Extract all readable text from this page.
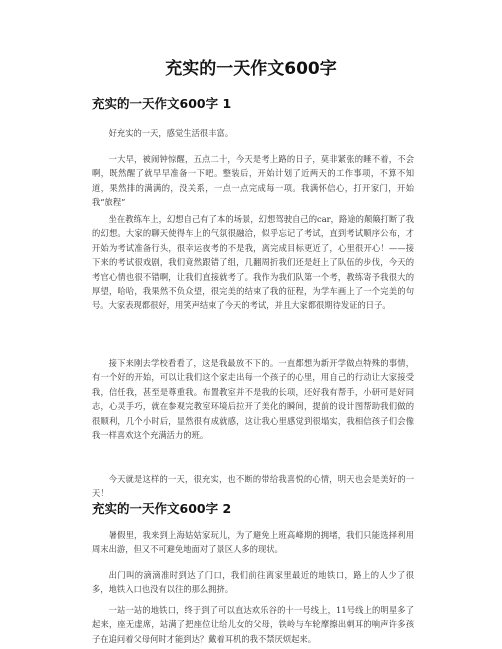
充实的一天作文600字
充实的一天作文600字 1

好充实的一天，感觉生活很丰富。

一大早，被闹钟惊醒，五点二十，今天是考上路的日子，莫非紧张的睡不着，不会啊，既然醒了就早早准备一下吧。整装后，开始计划了近两天的工作事项，不算不知道，果然排的满满的，没关系，一点一点完成每一项。我满怀信心，打开家门，开始我“旅程”

坐在教练车上，幻想自己有了本的场景，幻想驾驶自己的car，路途的颠簸打断了我的幻想。大家的聊天使得车上的气氛很融洽，似乎忘记了考试，直到考试顺序公布，才开始为考试准备行头，很幸运夜考的不是我，离完成目标更近了，心里很开心！——接下来的考试很戏剧，我们竟然跟错了组，几翻周折我们还是赶上了队伍的步伐，今天的考官心情也很不错啊，让我们直接就考了。我作为我们队第一个考，教练寄予我很大的厚望，哈哈，我果然不负众望，很完美的结束了我的征程，为学车画上了一个完美的句号。大家表现都很好，用笑声结束了今天的考试，并且大家都很期待发证的日子。

接下来刚去学校看看了，这是我最放不下的。一直都想为新开学做点特殊的事情，有一个好的开始，可以让我们这个家走出每一个孩子的心里，用自己的行动让大家接受我，信任我，甚至是尊重我。布置教室并不是我的长项，还好我有帮手，小研可是好同志，心灵手巧，就在参观完教室环境后拉开了美化的瞬间，提前的设计图帮助我们做的很顺利，几个小时后，显然很有成就感，这让我心里感觉到很塌实，我相信孩子们会像我一样喜欢这个充满活力的班。

今天就是这样的一天，很充实，也不断的带给我喜悦的心情，明天也会是美好的一天！

充实的一天作文600字 2

暑假里，我来到上海姑姑家玩儿，为了避免上班高峰期的拥堵，我们只能选择利用周末出游，但又不可避免地面对了景区人多的现状。

出门叫的滴滴准时到达了门口，我们前往离家里最近的地铁口，路上的人少了很多，地铁入口也没有以往的那么拥挤。

一站一站的地铁口，终于到了可以直达欢乐谷的十一号线上，11号线上的明星多了起来，座无虚席，站满了把座位让给儿女的父母，铁岭与车轮摩擦出刺耳的响声许多孩子在追问着父母何时才能到达？戴着耳机的我不禁厌烦起来。
